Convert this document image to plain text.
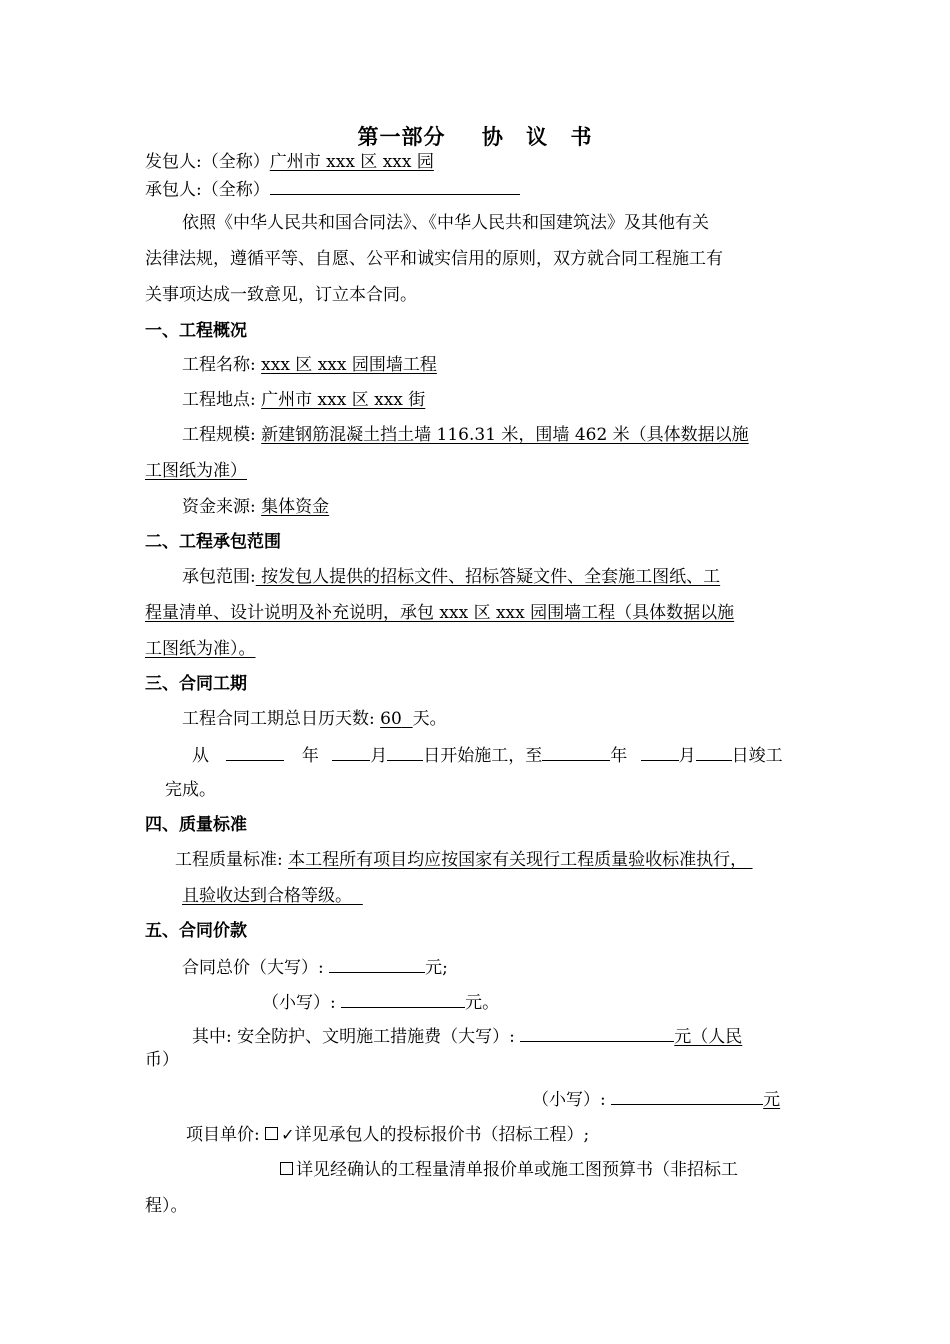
第一部分 协 议 书
发包人:（全称）广州市 xxx 区 xxx 园
承包人:（全称）
依照《中华人民共和国合同法》、《中华人民共和国建筑法》及其他有关
法律法规，遵循平等、自愿、公平和诚实信用的原则，双方就合同工程施工有
关事项达成一致意见，订立本合同。
一、工程概况
工程名称: xxx 区 xxx 园围墙工程
工程地点: 广州市 xxx 区 xxx 街
工程规模: 新建钢筋混凝土挡土墙 116.31 米，围墙 462 米（具体数据以施
工图纸为准）
资金来源: 集体资金
二、工程承包范围
承包范围: 按发包人提供的招标文件、招标答疑文件、全套施工图纸、工
程量清单、设计说明及补充说明，承包 xxx 区 xxx 园围墙工程（具体数据以施
工图纸为准）。
三、合同工期
工程合同工期总日历天数: 60 天。
从	年	月 日开始施工，至	年	月 日竣工
完成。
四、质量标准
工程质量标准: 本工程所有项目均应按国家有关现行工程质量验收标准执行，
且验收达到合格等级。
五、合同价款
合同总价（大写）:	元;
（小写）:	元。
其中: 安全防护、文明施工措施费（大写）:	元（人民
币）
（小写）:	元
项目单价: ✓详见承包人的投标报价书（招标工程）;
详见经确认的工程量清单报价单或施工图预算书（非招标工
程）。
